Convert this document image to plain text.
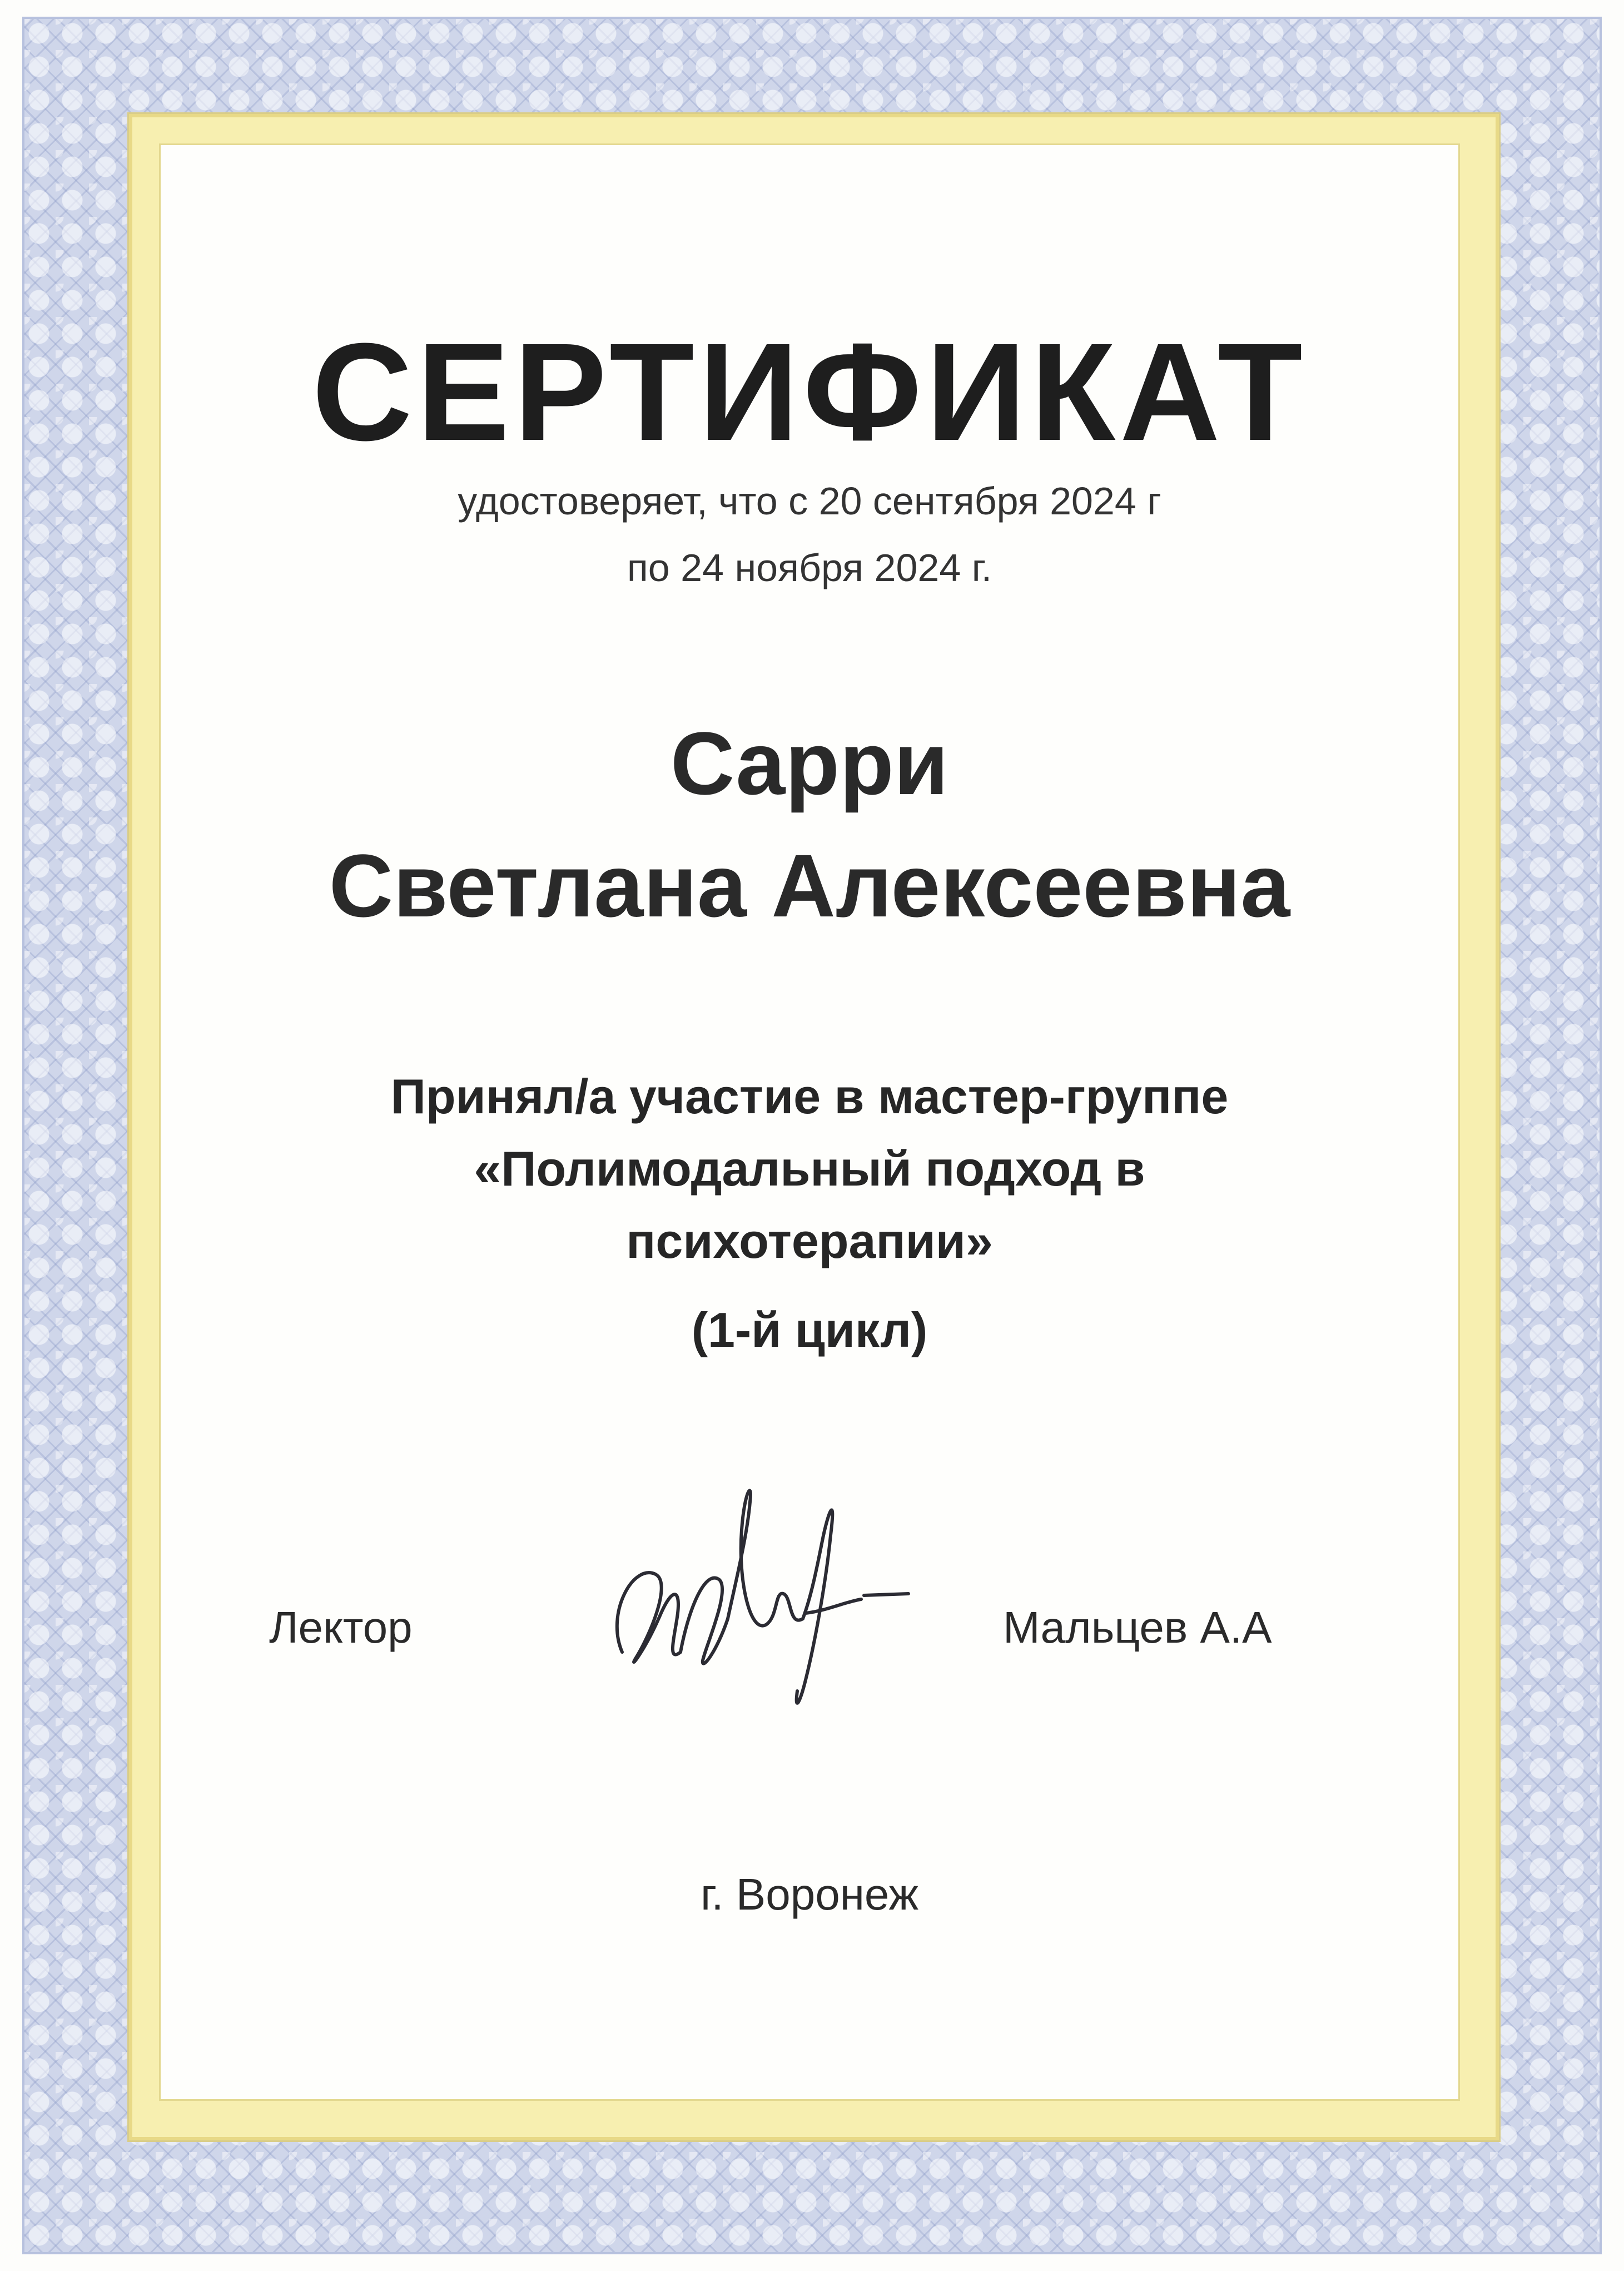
СЕРТИФИКАТ
удостоверяет, что с 20 сентября 2024 г
по 24 ноября 2024 г.
Сарри
Светлана Алексеевна
Принял/а участие в мастер-группе
«Полимодальный подход в
психотерапии»
(1-й цикл)
Лектор	Мальцев А.А
г. Воронеж
